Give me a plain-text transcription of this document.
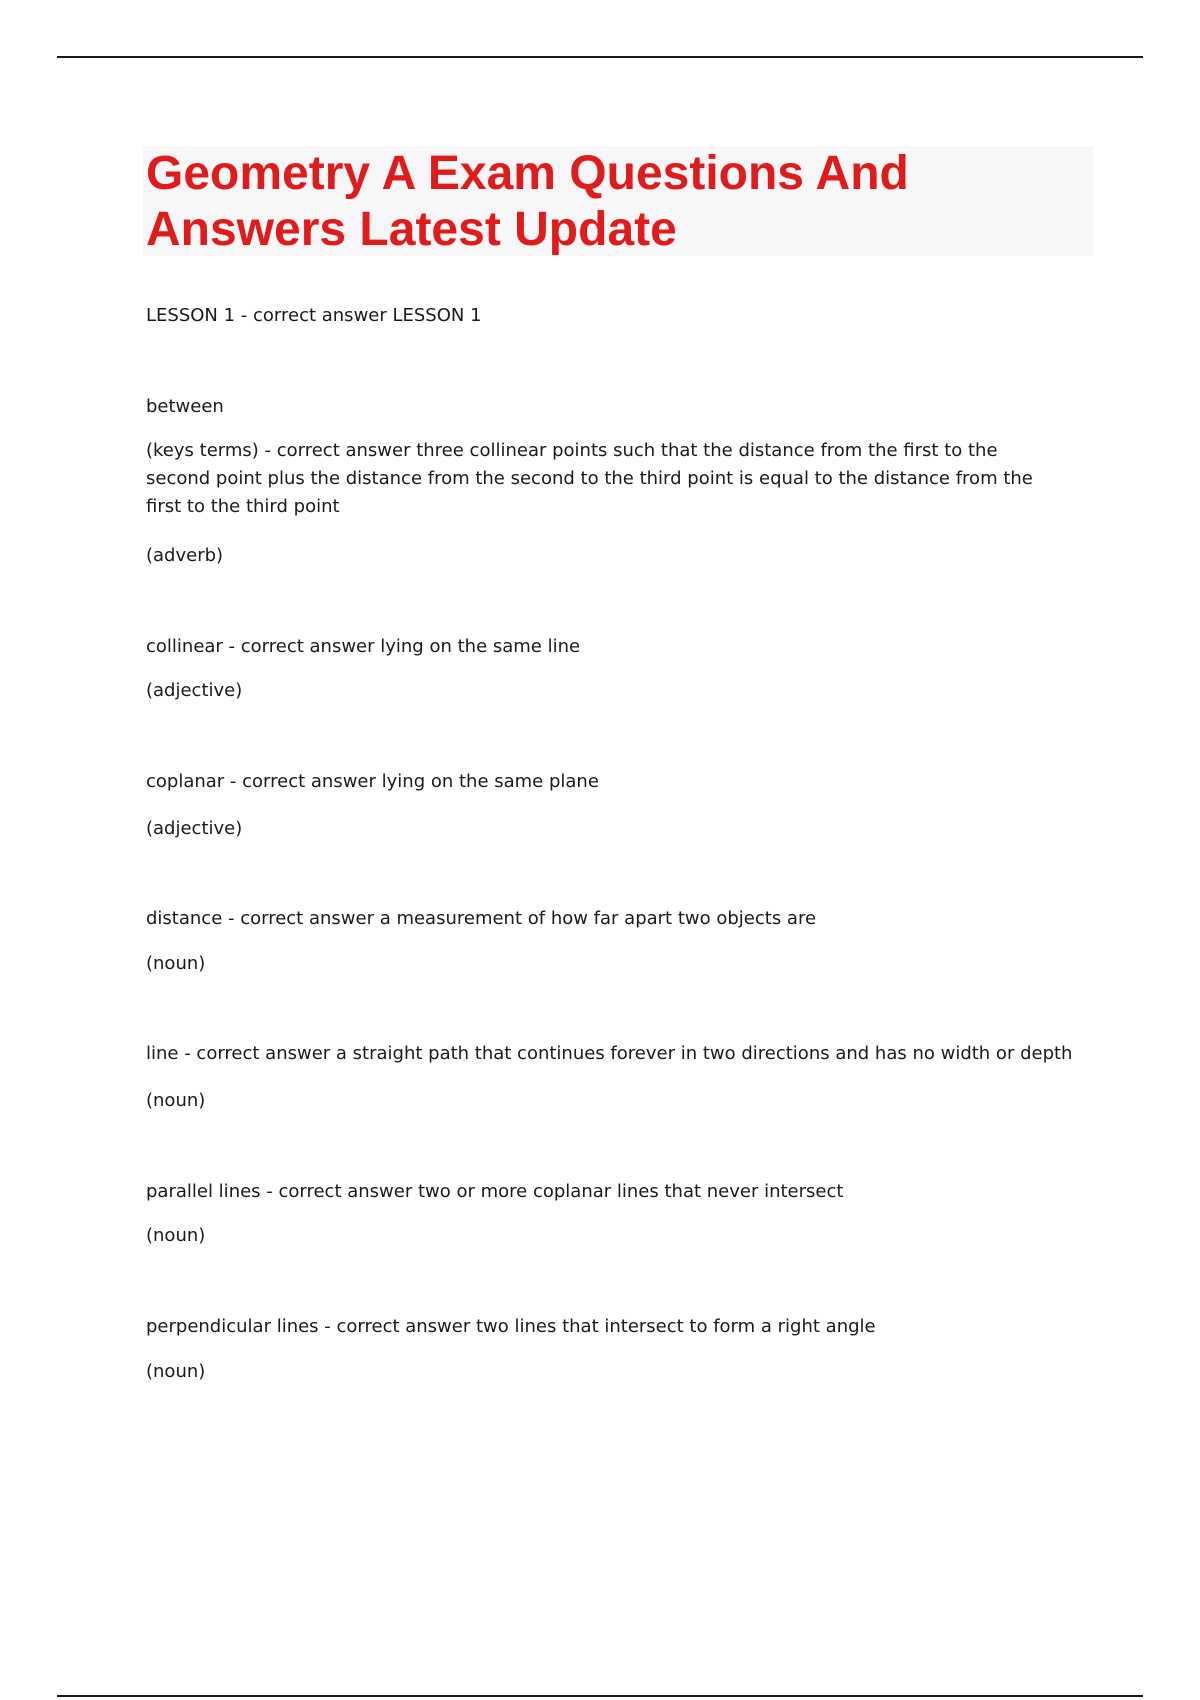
Geometry A Exam Questions And
Answers Latest Update

LESSON 1 - correct answer LESSON 1

between

(keys terms) - correct answer three collinear points such that the distance from the first to the second point plus the distance from the second to the third point is equal to the distance from the first to the third point

(adverb)

collinear - correct answer lying on the same line

(adjective)

coplanar - correct answer lying on the same plane

(adjective)

distance - correct answer a measurement of how far apart two objects are

(noun)

line - correct answer a straight path that continues forever in two directions and has no width or depth

(noun)

parallel lines - correct answer two or more coplanar lines that never intersect

(noun)

perpendicular lines - correct answer two lines that intersect to form a right angle

(noun)
